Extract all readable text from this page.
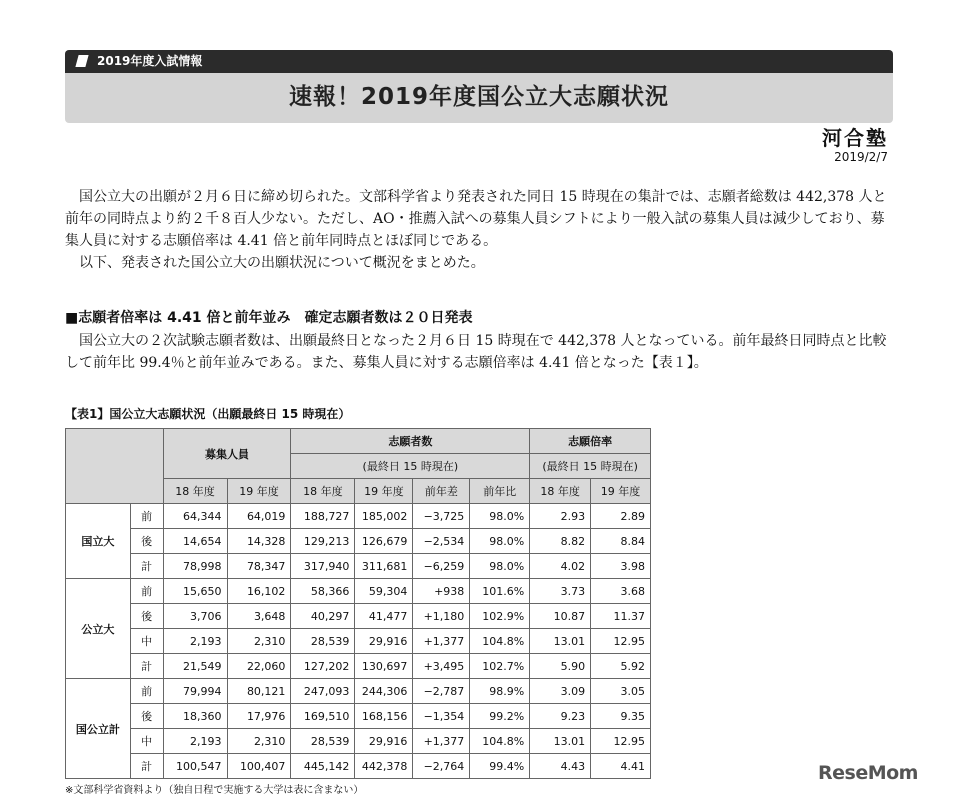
2019年度入試情報
速報！2019年度国公立大志願状況
河合塾
2019/2/7

国公立大の出願が２月６日に締め切られた。文部科学省より発表された同日 15 時現在の集計では、志願者総数は 442,378 人と前年の同時点より約２千８百人少ない。ただし、AO・推薦入試への募集人員シフトにより一般入試の募集人員は減少しており、募集人員に対する志願倍率は 4.41 倍と前年同時点とほぼ同じである。

以下、発表された国公立大の出願状況について概況をまとめた。

■志願者倍率は 4.41 倍と前年並み　確定志願者数は２０日発表

国公立大の２次試験志願者数は、出願最終日となった２月６日 15 時現在で 442,378 人となっている。前年最終日同時点と比較して前年比 99.4％と前年並みである。また、募集人員に対する志願倍率は 4.41 倍となった【表１】。

【表1】国公立大志願状況（出願最終日 15 時現在）
		募集人員		志願者数				志願倍率	
				(最終日 15 時現在)				(最終日 15 時現在)	
		18 年度	19 年度	18 年度	19 年度	前年差	前年比	18 年度	19 年度
国立大	前	64,344	64,019	188,727	185,002	−3,725	98.0%	2.93	2.89
	後	14,654	14,328	129,213	126,679	−2,534	98.0%	8.82	8.84
	計	78,998	78,347	317,940	311,681	−6,259	98.0%	4.02	3.98
公立大	前	15,650	16,102	58,366	59,304	+938	101.6%	3.73	3.68
	後	3,706	3,648	40,297	41,477	+1,180	102.9%	10.87	11.37
	中	2,193	2,310	28,539	29,916	+1,377	104.8%	13.01	12.95
	計	21,549	22,060	127,202	130,697	+3,495	102.7%	5.90	5.92
国公立計	前	79,994	80,121	247,093	244,306	−2,787	98.9%	3.09	3.05
	後	18,360	17,976	169,510	168,156	−1,354	99.2%	9.23	9.35
	中	2,193	2,310	28,539	29,916	+1,377	104.8%	13.01	12.95
	計	100,547	100,407	445,142	442,378	−2,764	99.4%	4.43	4.41
※文部科学省資料より（独自日程で実施する大学は表に含まない）
ReseMom
